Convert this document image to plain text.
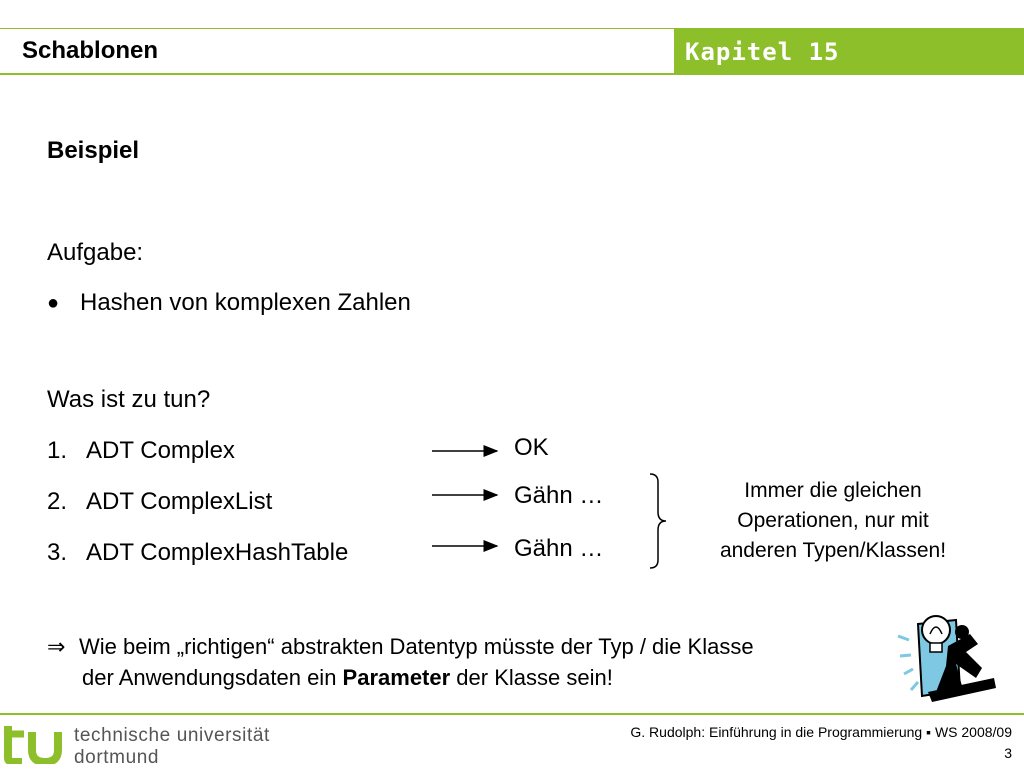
Schablonen	Kapitel 15
Beispiel
Aufgabe:
● Hashen von komplexen Zahlen
Was ist zu tun?
1. ADT Complex	OK
2. ADT ComplexList	Gähn …
3. ADT ComplexHashTable	Gähn …
Immer die gleichen
Operationen, nur mit
anderen Typen/Klassen!
⇒ Wie beim „richtigen“ abstrakten Datentyp müsste der Typ / die Klasse
der Anwendungsdaten ein Parameter der Klasse sein!
technische universität
dortmund
G. Rudolph: Einführung in die Programmierung ▪ WS 2008/09
3
